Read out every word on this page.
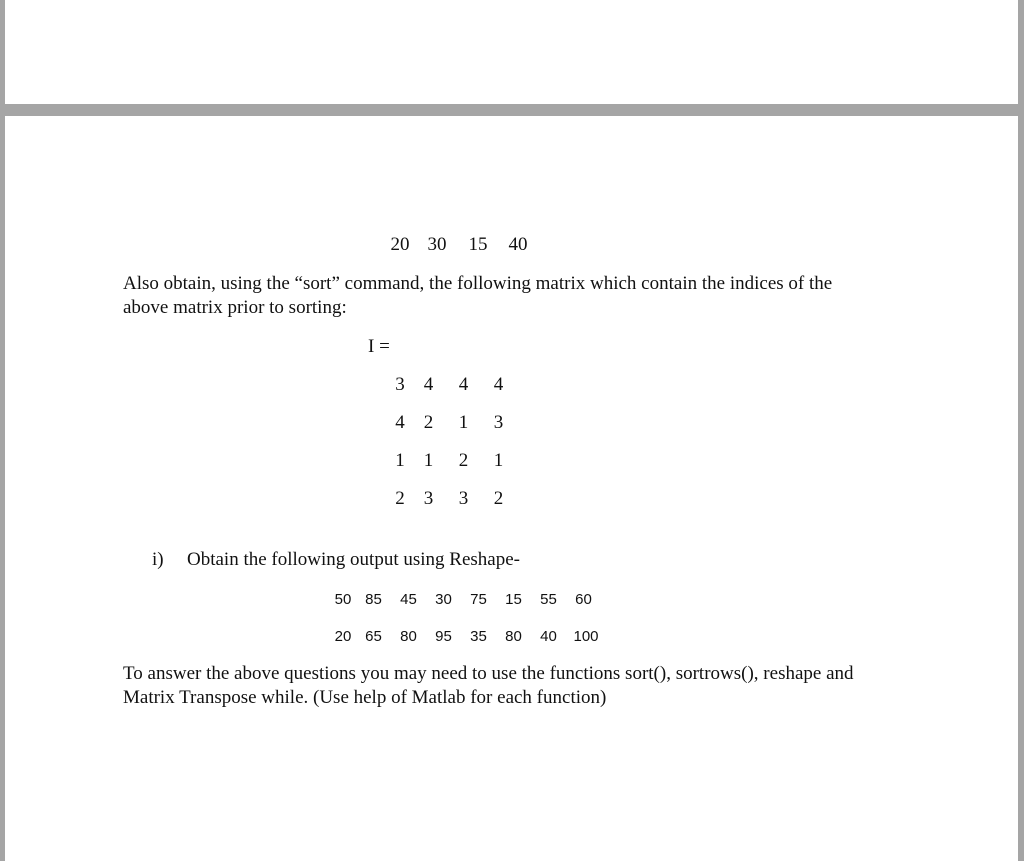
20 30	15	40
Also obtain, using the “sort” command, the following matrix which contain the indices of the
above matrix prior to sorting:
I =
3	4	4	4
4	2	1	3
1	1	2	1
2	3	3	2
i) Obtain the following output using Reshape-
50 85	45	30	75	15	55	60
20 65	80	95	35	80	40	100
To answer the above questions you may need to use the functions sort(), sortrows(), reshape and
Matrix Transpose while. (Use help of Matlab for each function)
